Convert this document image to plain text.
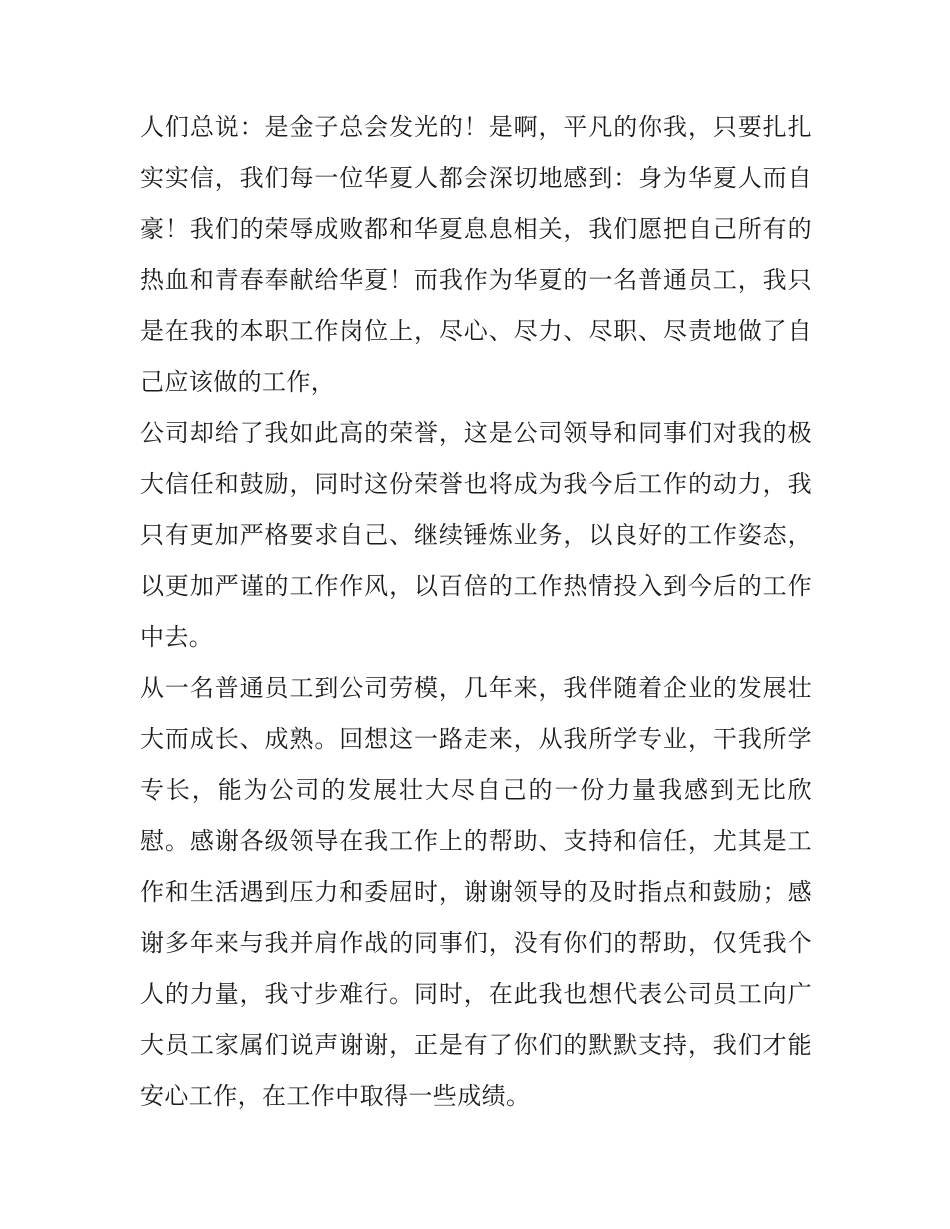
人们总说：是金子总会发光的！是啊，平凡的你我，只要扎扎实实信，我们每一位华夏人都会深切地感到：身为华夏人而自豪！我们的荣辱成败都和华夏息息相关，我们愿把自己所有的热血和青春奉献给华夏！而我作为华夏的一名普通员工，我只是在我的本职工作岗位上，尽心、尽力、尽职、尽责地做了自己应该做的工作，

公司却给了我如此高的荣誉，这是公司领导和同事们对我的极大信任和鼓励，同时这份荣誉也将成为我今后工作的动力，我只有更加严格要求自己、继续锤炼业务，以良好的工作姿态，以更加严谨的工作作风，以百倍的工作热情投入到今后的工作中去。

从一名普通员工到公司劳模，几年来，我伴随着企业的发展壮大而成长、成熟。回想这一路走来，从我所学专业，干我所学专长，能为公司的发展壮大尽自己的一份力量我感到无比欣慰。感谢各级领导在我工作上的帮助、支持和信任，尤其是工作和生活遇到压力和委屈时，谢谢领导的及时指点和鼓励；感谢多年来与我并肩作战的同事们，没有你们的帮助，仅凭我个人的力量，我寸步难行。同时，在此我也想代表公司员工向广大员工家属们说声谢谢，正是有了你们的默默支持，我们才能安心工作，在工作中取得一些成绩。
